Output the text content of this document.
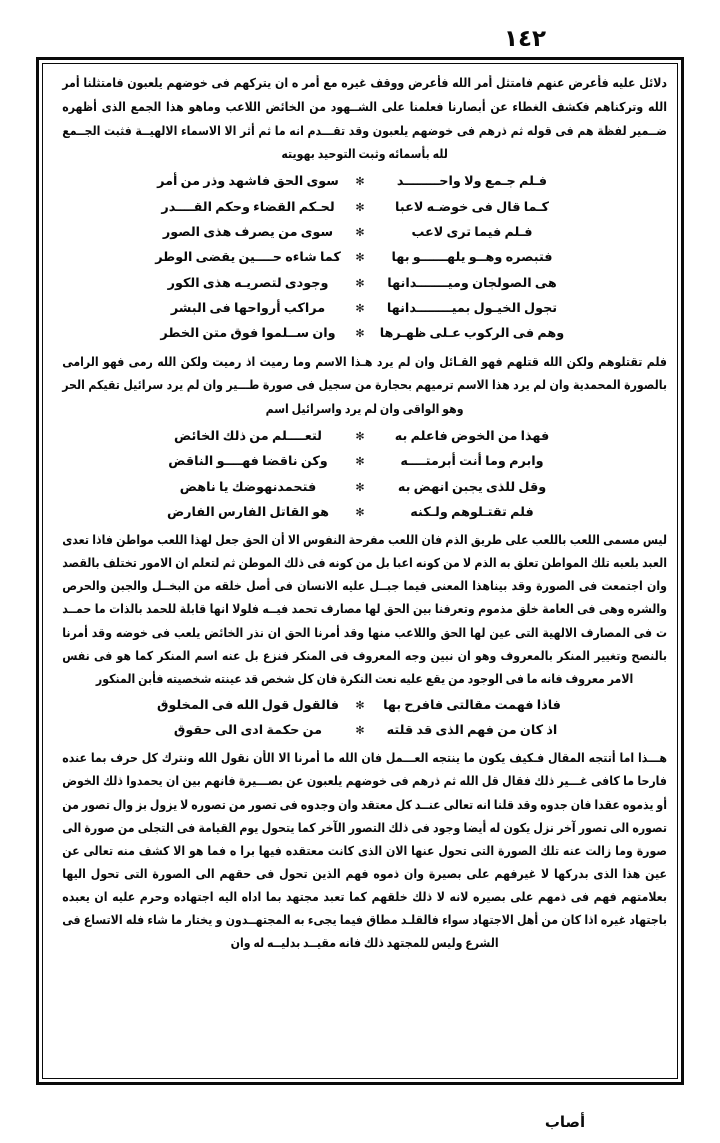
١٤٢

دلائل عليه فأعرض عنهم فامتثل أمر الله فأعرض ووقف غيره مع أمر ه ان يتركهم فى خوضهم يلعبون فامتثلنا أمر الله وتركناهم فكشف الغطاء عن أبصارنا فعلمنا على الشــهود من الخائض اللاعب وماهو هذا الجمع الذى أظهره ضــمير لفظة هم فى قوله ثم ذرهم فى خوضهم يلعبون وقد تقـــدم انه ما ثم أثر الا الاسماء الالهيــة فثبت الجــمع لله بأسمائه وثبت التوحيد بهويته

فـلم جـمع ولا واحــــــــد
✻
سوى الحق فاشهد وذر من أمر
كـما قال فى خوضـه لاعبا
✻
لحـكم القضاء وحكم القــــدر
فـلم فيما ترى لاعب
✻
سوى من يصرف هذى الصور
فتبصره وهــو يلهــــــو بها
✻
كما شاءه حــــين يقضى الوطر
هى الصولجان وميـــــــدانها
✻
وجودى لتصريـه هذى الكور
تجول الخيـول بميــــــــدانها
✻
مراكب أرواحها فى البشر
وهم فى الركوب عـلى ظهـرها
✻
وان ســلموا فوق متن الخطر

فلم تقتلوهم ولكن الله قتلهم فهو القـائل وان لم يرد هـذا الاسم وما رميت اذ رميت ولكن الله رمى فهو الرامى بالصورة المحمدية وان لم يرد هذا الاسم ترميهم بحجارة من سجيل فى صورة طـــير وان لم يرد سرائيل تقيكم الحر وهو الواقى وان لم يرد واسرائيل اسم

فهذا من الخوض فاعلم به
✻
لتعــــلم من ذلك الخائض
وابرم وما أنت أبرمتــــه
✻
وكن ناقضا فهــــو الناقض
وقل للذى يجبن انهض به
✻
فتحمدنهوضك يا ناهض
فلم تقتـلوهم ولـكنه
✻
هو القاتل الفارس الفارض

ليس مسمى اللعب باللعب على طريق الذم فان اللعب مفرحة النفوس الا أن الحق جعل لهذا اللعب مواطن فاذا تعدى العبد بلعبه تلك المواطن تعلق به الذم لا من كونه اعبا بل من كونه فى ذلك الموطن ثم لتعلم ان الامور تختلف بالقصد وان اجتمعت فى الصورة وقد بيناهذا المعنى فيما جبــل عليه الانسان فى أصل خلقه من البخــل والجبن والحرص والشره وهى فى العامة خلق مذموم وتعرفنا بين الحق لها مصارف تحمد فيــه فلولا انها قابلة للحمد بالذات ما حمــد ت فى المصارف الالهية التى عين لها الحق واللاعب منها وقد أمرنا الحق ان نذر الخائض يلعب فى خوضه وقد أمرنا بالنصح وتغيير المنكر بالمعروف وهو ان نبين وجه المعروف فى المنكر فنزع بل عنه اسم المنكر كما هو فى نفس الامر معروف فانه ما فى الوجود من يقع عليه نعت النكرة فان كل شخص قد عينته شخصيته فأبن المنكور

فاذا فهمت مقالتى فافرح بها
✻
فالقول قول الله فى المخلوق
اذ كان من فهم الذى قد قلته
✻
من حكمة ادى الى حقوق

هـــذا اما أتتجه المقال فـكيف يكون ما ينتجه العـــمل فان الله ما أمرنا الا الأن نقول الله ونترك كل حرف بما عنده فارحا ما كافى غـــير ذلك فقال قل الله ثم ذرهم فى خوضهم يلعبون عن بصـــيرة فانهم بين ان يحمدوا ذلك الخوض أو يذموه عقدا فان جدوه وقد قلنا انه تعالى عنــد كل معتقد وان وجدوه فى تصور من تصوره لا يزول بز وال تصور من تصوره الى تصور آخر نزل يكون له أيضا وجود فى ذلك التصور الآخر كما يتحول يوم القيامة فى التجلى من صورة الى صورة وما زالت عنه تلك الصورة التى تحول عنها الان الذى كانت معتقده فيها برا ه فما هو الا كشف منه تعالى عن عين هذا الذى بدركها لا غيرفهم على بصيرة وان ذموه فهم الذين تحول فى حقهم الى الصورة التى تحول اليها بعلامتهم فهم فى ذمهم على بصيره لانه لا ذلك خلقهم كما تعبد مجتهد بما اداه اليه اجتهاده وحرم عليه ان يعبده باجتهاد غيره اذا كان من أهل الاجتهاد سواء فالقلـد مطاق فيما يجىء به المجتهــدون و يختار ما شاء فله الاتساع فى الشرع وليس للمجتهد ذلك فانه مقيــد بدليــه له وان

أصاب
